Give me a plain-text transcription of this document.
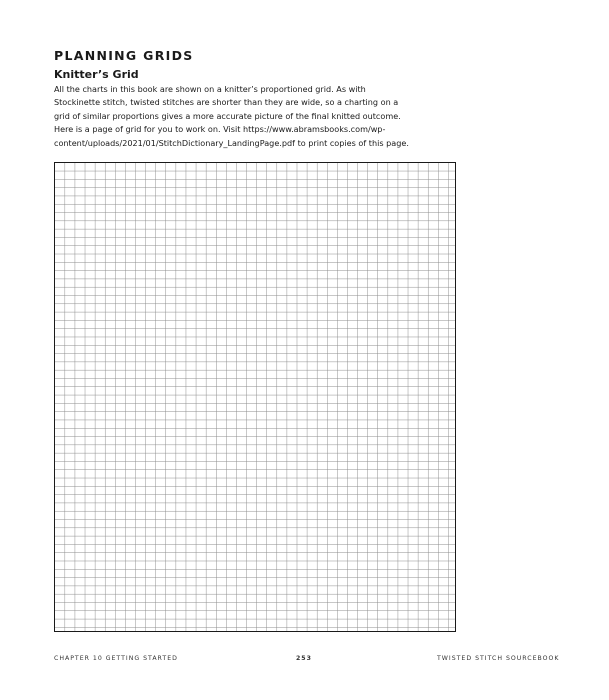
PLANNING GRIDS
Knitter’s Grid

All the charts in this book are shown on a knitter’s proportioned grid. As with
Stockinette stitch, twisted stitches are shorter than they are wide, so a charting on a
grid of similar proportions gives a more accurate picture of the final knitted outcome.
Here is a page of grid for you to work on. Visit https://www.abramsbooks.com/wp-
content/uploads/2021/01/StitchDictionary_LandingPage.pdf to print copies of this page.

CHAPTER 10 GETTING STARTED	253	TWISTED STITCH SOURCEBOOK
